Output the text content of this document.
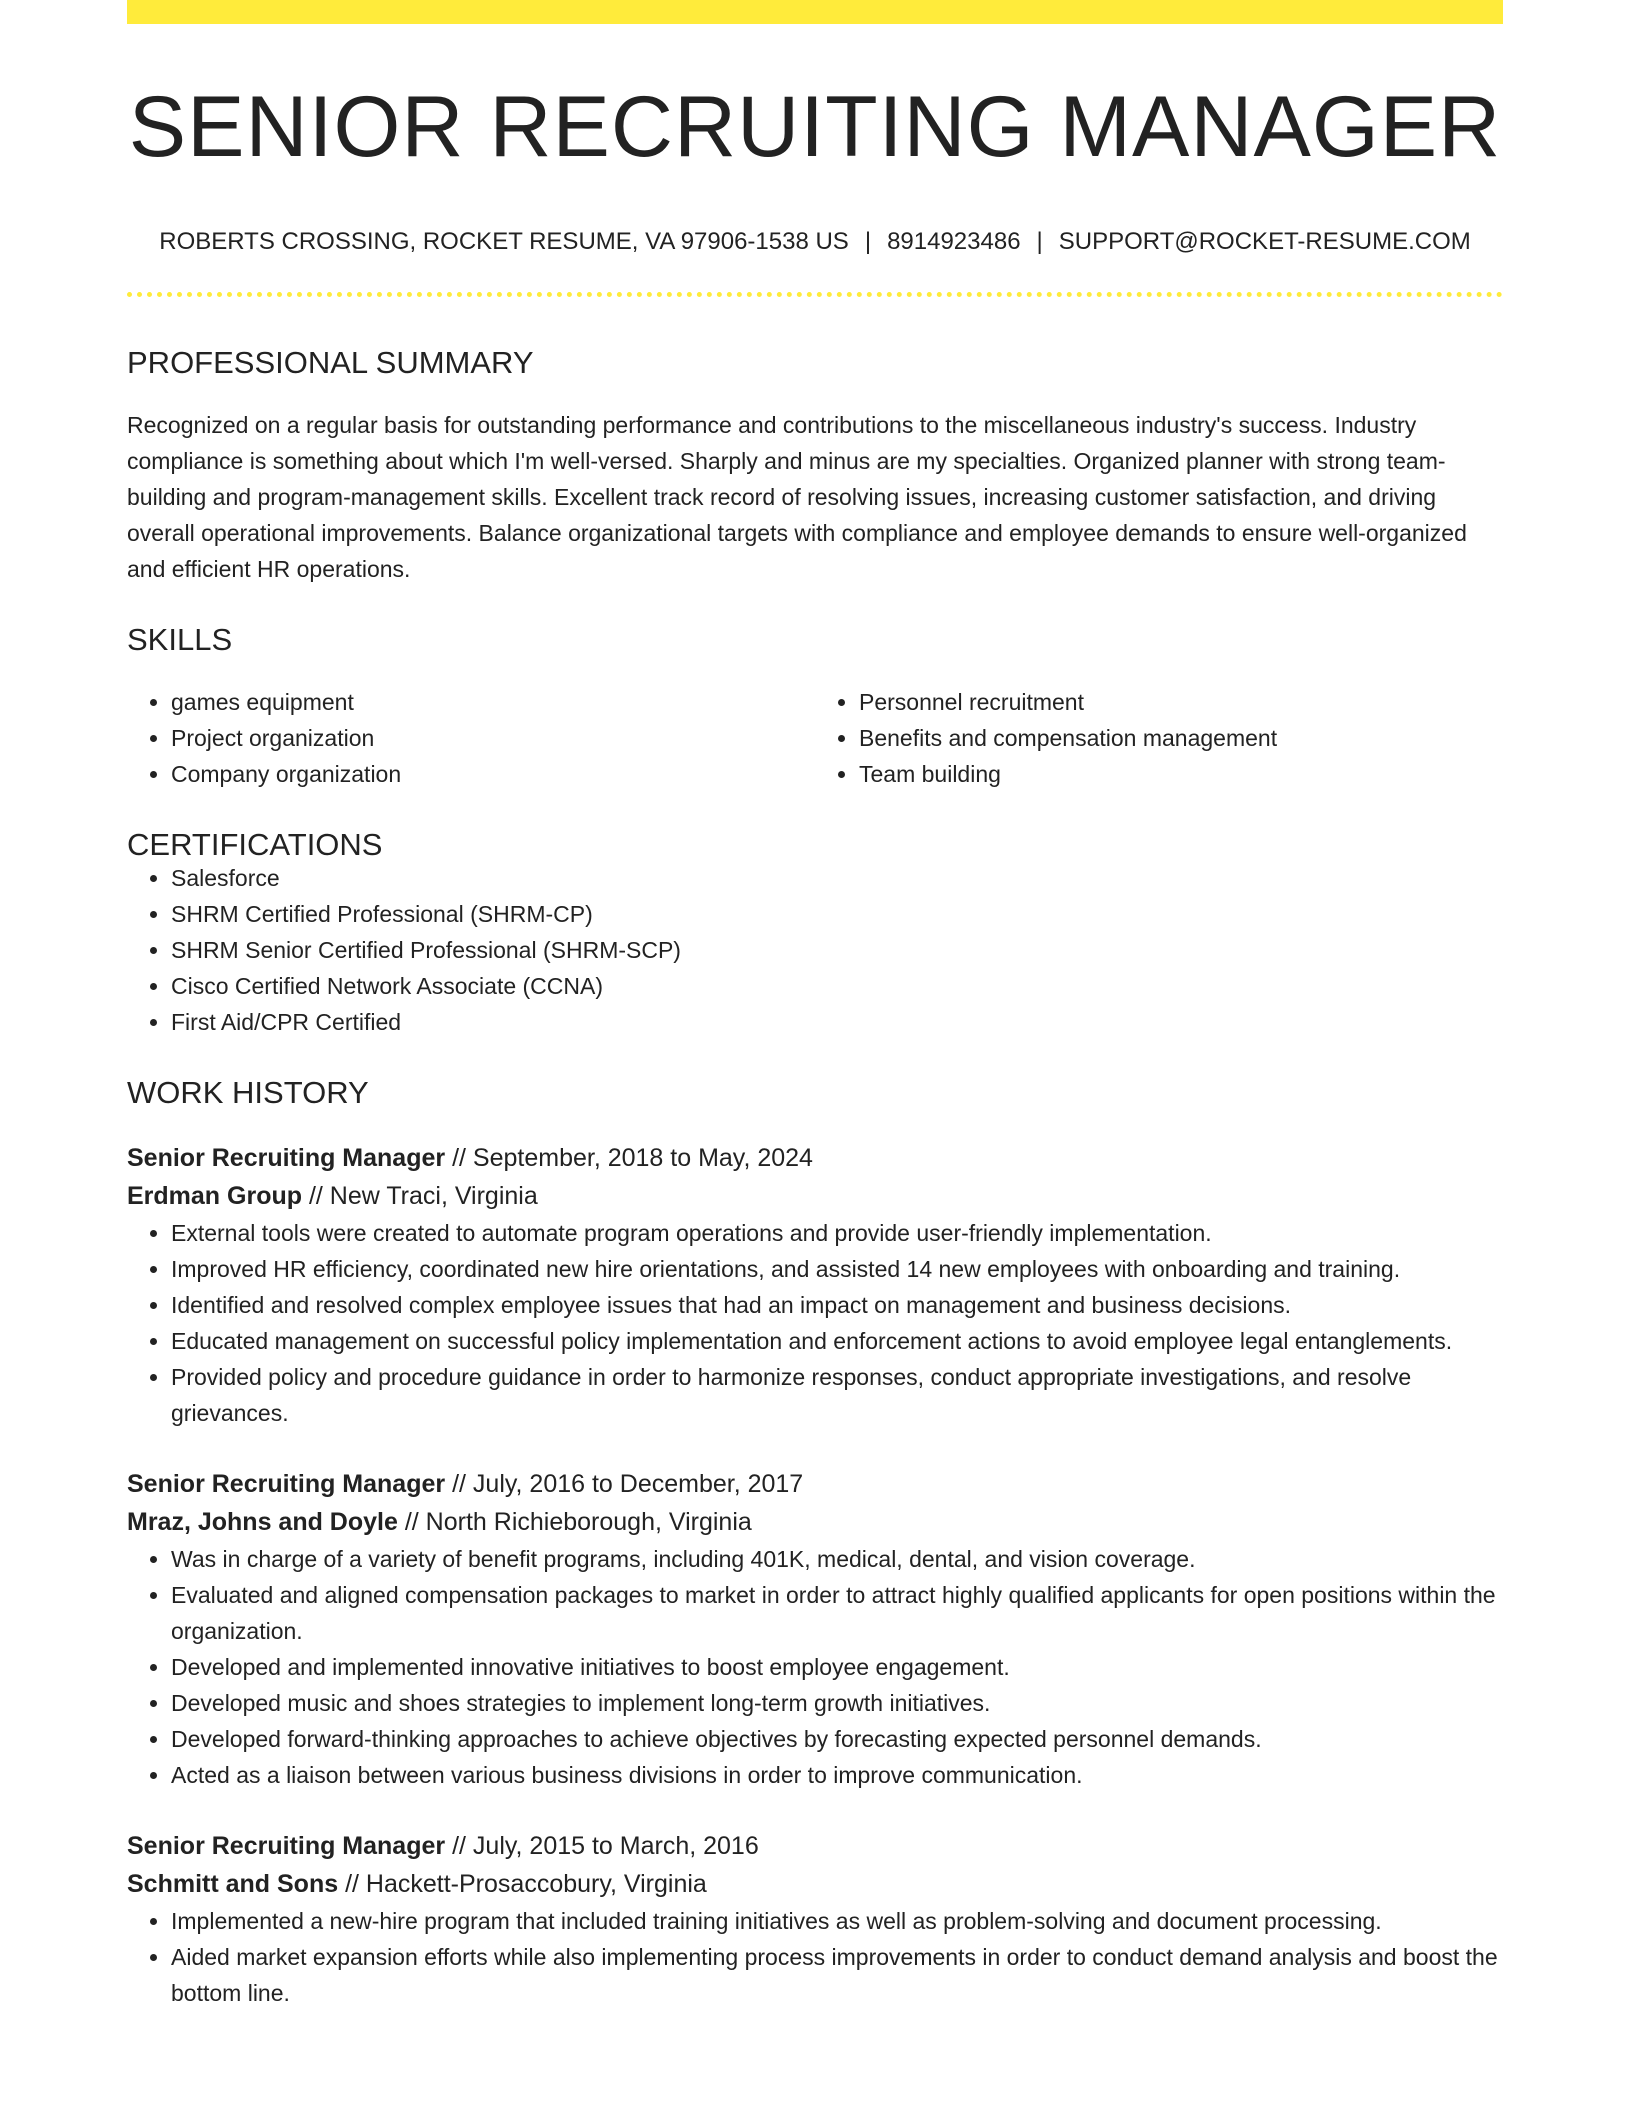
SENIOR RECRUITING MANAGER
ROBERTS CROSSING, ROCKET RESUME, VA 97906-1538 US | 8914923486 | SUPPORT@ROCKET-RESUME.COM
PROFESSIONAL SUMMARY

Recognized on a regular basis for outstanding performance and contributions to the miscellaneous industry's success. Industry compliance is something about which I'm well-versed. Sharply and minus are my specialties. Organized planner with strong team-building and program-management skills. Excellent track record of resolving issues, increasing customer satisfaction, and driving overall operational improvements. Balance organizational targets with compliance and employee demands to ensure well-organized and efficient HR operations.

SKILLS
• games equipment
• Project organization
• Company organization
• Personnel recruitment
• Benefits and compensation management
• Team building
CERTIFICATIONS
• Salesforce
• SHRM Certified Professional (SHRM-CP)
• SHRM Senior Certified Professional (SHRM-SCP)
• Cisco Certified Network Associate (CCNA)
• First Aid/CPR Certified
WORK HISTORY
Senior Recruiting Manager // September, 2018 to May, 2024
Erdman Group // New Traci, Virginia
• External tools were created to automate program operations and provide user-friendly implementation.
• Improved HR efficiency, coordinated new hire orientations, and assisted 14 new employees with onboarding and training.
• Identified and resolved complex employee issues that had an impact on management and business decisions.
• Educated management on successful policy implementation and enforcement actions to avoid employee legal entanglements.
• Provided policy and procedure guidance in order to harmonize responses, conduct appropriate investigations, and resolve grievances.
Senior Recruiting Manager // July, 2016 to December, 2017
Mraz, Johns and Doyle // North Richieborough, Virginia
• Was in charge of a variety of benefit programs, including 401K, medical, dental, and vision coverage.
• Evaluated and aligned compensation packages to market in order to attract highly qualified applicants for open positions within the organization.
• Developed and implemented innovative initiatives to boost employee engagement.
• Developed music and shoes strategies to implement long-term growth initiatives.
• Developed forward-thinking approaches to achieve objectives by forecasting expected personnel demands.
• Acted as a liaison between various business divisions in order to improve communication.
Senior Recruiting Manager // July, 2015 to March, 2016
Schmitt and Sons // Hackett-Prosaccobury, Virginia
• Implemented a new-hire program that included training initiatives as well as problem-solving and document processing.
• Aided market expansion efforts while also implementing process improvements in order to conduct demand analysis and boost the bottom line.
